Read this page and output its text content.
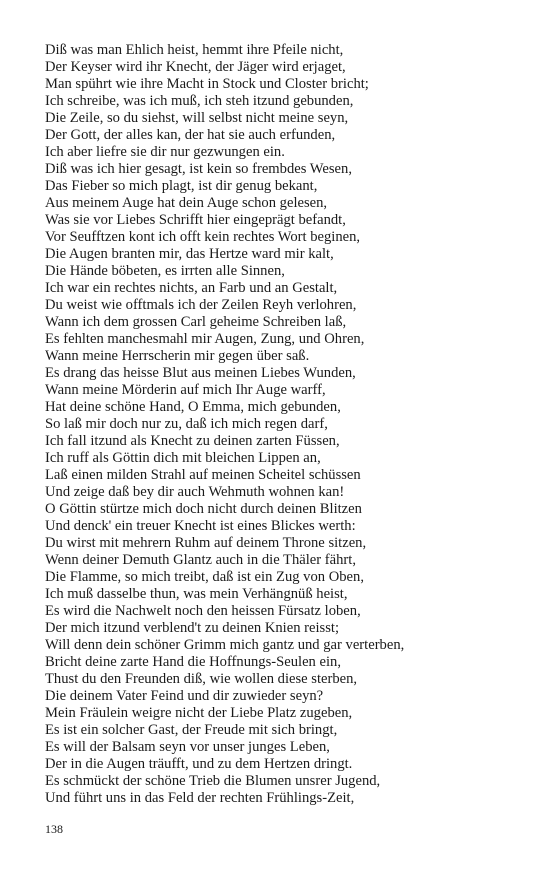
Diß was man Ehlich heist, hemmt ihre Pfeile nicht,
Der Keyser wird ihr Knecht, der Jäger wird erjaget,
Man spührt wie ihre Macht in Stock und Closter bricht;
Ich schreibe, was ich muß, ich steh itzund gebunden,
Die Zeile, so du siehst, will selbst nicht meine seyn,
Der Gott, der alles kan, der hat sie auch erfunden,
Ich aber liefre sie dir nur gezwungen ein.
Diß was ich hier gesagt, ist kein so frembdes Wesen,
Das Fieber so mich plagt, ist dir genug bekant,
Aus meinem Auge hat dein Auge schon gelesen,
Was sie vor Liebes Schrifft hier eingeprägt befandt,
Vor Seufftzen kont ich offt kein rechtes Wort beginen,
Die Augen branten mir, das Hertze ward mir kalt,
Die Hände böbeten, es irrten alle Sinnen,
Ich war ein rechtes nichts, an Farb und an Gestalt,
Du weist wie offtmals ich der Zeilen Reyh verlohren,
Wann ich dem grossen Carl geheime Schreiben laß,
Es fehlten manchesmahl mir Augen, Zung, und Ohren,
Wann meine Herrscherin mir gegen über saß.
Es drang das heisse Blut aus meinen Liebes Wunden,
Wann meine Mörderin auf mich Ihr Auge warff,
Hat deine schöne Hand, O Emma, mich gebunden,
So laß mir doch nur zu, daß ich mich regen darf,
Ich fall itzund als Knecht zu deinen zarten Füssen,
Ich ruff als Göttin dich mit bleichen Lippen an,
Laß einen milden Strahl auf meinen Scheitel schüssen
Und zeige daß bey dir auch Wehmuth wohnen kan!
O Göttin stürtze mich doch nicht durch deinen Blitzen
Und denck' ein treuer Knecht ist eines Blickes werth:
Du wirst mit mehrern Ruhm auf deinem Throne sitzen,
Wenn deiner Demuth Glantz auch in die Thäler fährt,
Die Flamme, so mich treibt, daß ist ein Zug von Oben,
Ich muß dasselbe thun, was mein Verhängnüß heist,
Es wird die Nachwelt noch den heissen Fürsatz loben,
Der mich itzund verblend't zu deinen Knien reisst;
Will denn dein schöner Grimm mich gantz und gar verterben,
Bricht deine zarte Hand die Hoffnungs-Seulen ein,
Thust du den Freunden diß, wie wollen diese sterben,
Die deinem Vater Feind und dir zuwieder seyn?
Mein Fräulein weigre nicht der Liebe Platz zugeben,
Es ist ein solcher Gast, der Freude mit sich bringt,
Es will der Balsam seyn vor unser junges Leben,
Der in die Augen träufft, und zu dem Hertzen dringt.
Es schmückt der schöne Trieb die Blumen unsrer Jugend,
Und führt uns in das Feld der rechten Frühlings-Zeit,
138
